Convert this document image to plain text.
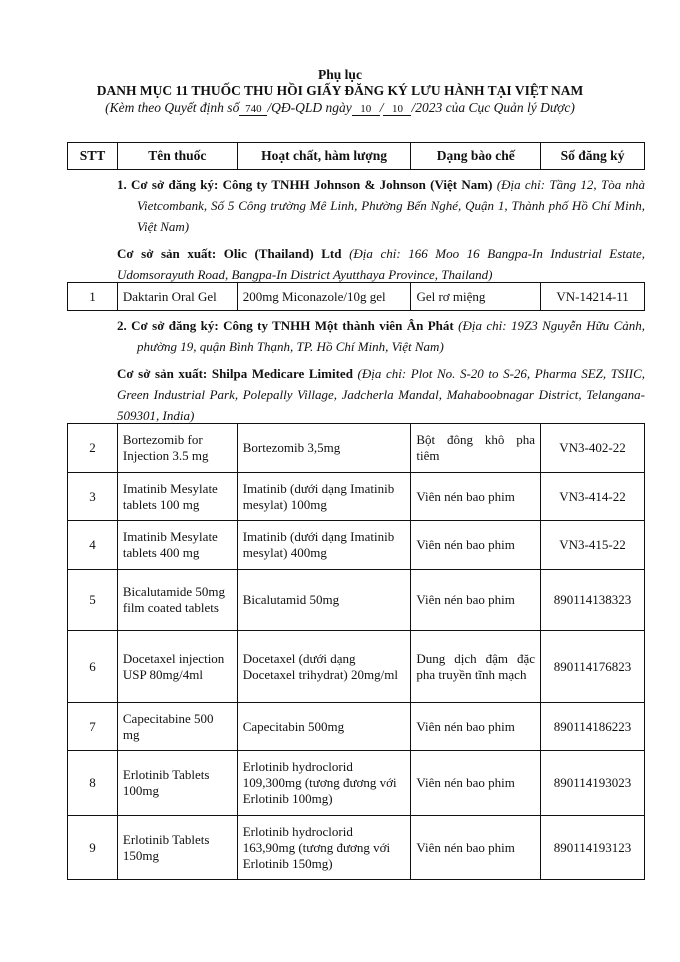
Phụ lục
DANH MỤC 11 THUỐC THU HỒI GIẤY ĐĂNG KÝ LƯU HÀNH TẠI VIỆT NAM
(Kèm theo Quyết định số 740 /QĐ-QLD ngày 10 / 10 /2023 của Cục Quản lý Dược)
STT	Tên thuốc	Hoạt chất, hàm lượng	Dạng bào chế	Số đăng ký
1. Cơ sở đăng ký: Công ty TNHH Johnson & Johnson (Việt Nam) (Địa chỉ: Tầng 12, Tòa nhà Vietcombank, Số 5 Công trường Mê Linh, Phường Bến Nghé, Quận 1, Thành phố Hồ Chí Minh, Việt Nam)
Cơ sở sản xuất: Olic (Thailand) Ltd (Địa chỉ: 166 Moo 16 Bangpa-In Industrial Estate, Udomsorayuth Road, Bangpa-In District Ayutthaya Province, Thailand)
1	Daktarin Oral Gel	200mg Miconazole/10g gel	Gel rơ miệng	VN-14214-11
2. Cơ sở đăng ký: Công ty TNHH Một thành viên Ân Phát (Địa chỉ: 19Z3 Nguyễn Hữu Cảnh, phường 19, quận Bình Thạnh, TP. Hồ Chí Minh, Việt Nam)
Cơ sở sản xuất: Shilpa Medicare Limited (Địa chỉ: Plot No. S-20 to S-26, Pharma SEZ, TSIIC, Green Industrial Park, Polepally Village, Jadcherla Mandal, Mahaboobnagar District, Telangana-509301, India)
2	Bortezomib for Injection 3.5 mg	Bortezomib 3,5mg	Bột đông khô pha tiêm	VN3-402-22
3	Imatinib Mesylate tablets 100 mg	Imatinib (dưới dạng Imatinib mesylat) 100mg	Viên nén bao phim	VN3-414-22
4	Imatinib Mesylate tablets 400 mg	Imatinib (dưới dạng Imatinib mesylat) 400mg	Viên nén bao phim	VN3-415-22
5	Bicalutamide 50mg film coated tablets	Bicalutamid 50mg	Viên nén bao phim	890114138323
6	Docetaxel injection USP 80mg/4ml	Docetaxel (dưới dạng Docetaxel trihydrat) 20mg/ml	Dung dịch đậm đặc pha truyền tĩnh mạch	890114176823
7	Capecitabine 500 mg	Capecitabin 500mg	Viên nén bao phim	890114186223
8	Erlotinib Tablets 100mg	Erlotinib hydroclorid 109,300mg (tương đương với Erlotinib 100mg)	Viên nén bao phim	890114193023
9	Erlotinib Tablets 150mg	Erlotinib hydroclorid 163,90mg (tương đương với Erlotinib 150mg)	Viên nén bao phim	890114193123
